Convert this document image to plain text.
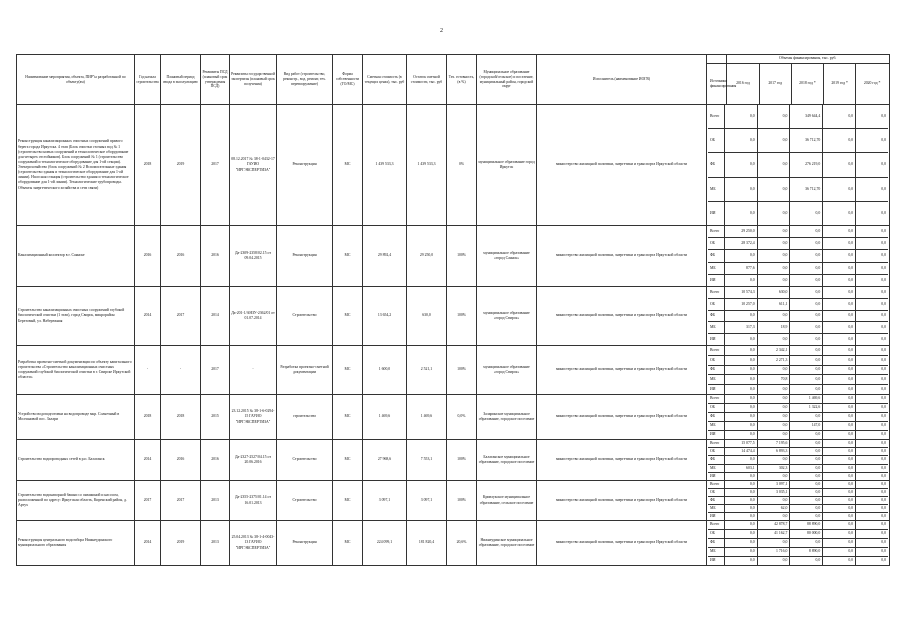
2
Наименование мероприятия, объекта, ПИР"ы разработанной по объекту(ам)	Год начала строительства	Плановый период ввода в эксплуатацию	Реквизиты ПСД (плановый срок утверждения ПСД)	Реквизиты государственной экспертизы (плановый срок получения)	Вид работ (строительство, реконстр., вод. ремонт, тех. перевооружение)	Форма собственности (ГО/МС)	Сметная стоимость (в текущих ценах), тыс. руб	Остаток сметной стоимости, тыс. руб	Тех. готовность, (в %)	Муниципальное образование (городской/сельское) и поселение, муниципальный район, городской округ	Исполнитель (наименование ИОГВ)	
	Объемы финансирования, тыс. руб.

Источники финансирования	2016 год	2017 год	2018 год *	2019 год *	2020 год *

Реконструкция канализационных очистных сооружений правого берега города Иркутска. 4 этап (Блок очистки сточных вод № 1 (строительство новых сооружений и технологическое оборудование для четырех отстойников). Блок сооружений № 1 (строительство сооружений и технологическое оборудование для 1-ой секции). Электрохозяйство (блок сооружений № 2 Вспомогательные здания (строительство здания и технологическое оборудование для 1-ой линии). Насосная станция (строительство здания и технологическое оборудование для 1-ой линии). Технологические трубопроводы. Объекты энергетического хозяйства и сети связи)	2018	2019	2017	08.12.2017 № 38-1-0432-17 ГАУИО "ИРГЭКСПЕРТИЗА"	Реконструкция	МС	1 439 533,3	1 439 533,3	0%	муниципальное образование город Иркутск	министерство жилищной политики, энергетики и транспорта Иркутской области	
Всего	0,0	0,0	349 644,4	0,0	0,0
ОБ	0,0	0,0	36 712,70	0,0	0,0
ФБ	0,0	0,0	276 219,0	0,0	0,0
МБ	0,0	0,0	36 712,70	0,0	0,0
ИИ	0,0	0,0	0,0	0,0	0,0

Канализационный коллектор в г. Саянске	2016	2016	2016	Да-2309-2358/02.15 от 09.04.2015	Реконструкция	МС	29 892,4	29 250,0	100%	муниципальное образование «город Саянск»	министерство жилищной политики, энергетики и транспорта Иркутской области	
Всего	29 250,0	0,0	0,0	0,0	0,0
ОБ	28 372,4	0,0	0,0	0,0	0,0
ФБ	0,0	0,0	0,0	0,0	0,0
МБ	877,6	0,0	0,0	0,0	0,0
ИИ	0,0	0,0	0,0	0,0	0,0

Строительство канализационных очистных сооружений глубокой биологической очистки (1 этап), город Свирск, микрорайон Березовый, ул. Набережная	2014	2017	2014	Да-201-1/АНЗУ-2362/01 от 01.07.2014	Строительство	МС	13 654,2	630,0	100%	муниципальное образование «город Свирск»	министерство жилищной политики, энергетики и транспорта Иркутской области	
Всего	10 574,3	630,0	0,0	0,0	0,0
ОБ	10 257,0	611,1	0,0	0,0	0,0
ФБ	0,0	0,0	0,0	0,0	0,0
МБ	317,3	18,9	0,0	0,0	0,0
ИИ	0,0	0,0	0,0	0,0	0,0

Разработка проектно-сметной документации по объекту капитального строительства «Строительство канализационных очистных сооружений глубокой биологической очистки в г. Свирске Иркутской области»	-	-	2017	-	Разработка проектно-сметной документации	МС	1 600,0	2 521,1	100%	муниципальное образование «город Свирск»	министерство жилищной политики, энергетики и транспорта Иркутской области	
Всего	0,0	2 342,1	0,0	0,0	0,0
ОБ	0,0	2 271,3	0,0	0,0	0,0
ФБ	0,0	0,0	0,0	0,0	0,0
МБ	0,0	70,8	0,0	0,0	0,0
ИИ	0,0	0,0	0,0	0,0	0,0

Устройство водоподготовки на водопроводе мкр. Солнечный в Молчановой пос. Залари	2018	2018	2015	23.12.2015 № 38-1-6-0294-15 ГАУИО "ИРГЭКСПЕРТИЗА"	строительство	МС	1 469,6	1 469,6	0,0%	Заларинское муниципальное образование, городское поселение	министерство жилищной политики, энергетики и транспорта Иркутской области	
Всего	0,0	0,0	1 469,6	0,0	0,0
ОБ	0,0	0,0	1 322,6	0,0	0,0
ФБ	0,0	0,0	0,0	0,0	0,0
МБ	0,0	0,0	147,0	0,0	0,0
ИИ	0,0	0,0	0,0	0,0	0,0

Строительство водопроводных сетей в р.п. Балаганск	2014	2016	2016	Да-2327-2527/04.15 от 20.06.2016	Строительство	МС	27 968,6	7 553,1	100%	Балаганское муниципальное образование, городское поселение	министерство жилищной политики, энергетики и транспорта Иркутской области	
Всего	15 077,5	7 195,6	0,0	0,0	0,0
ОБ	14 474,4	6 893,3	0,0	0,0	0,0
ФБ	0,0	0,0	0,0	0,0	0,0
МБ	603,1	302,3	0,0	0,0	0,0
ИИ	0,0	0,0	0,0	0,0	0,0

Строительство водонапорной башни со скважиной и насосом, расположенной по адресу: Иркутская область, Киренский район, д. Артух	2017	2017	2013	Да-2355-2375/01.14 от 16.01.2013	Строительство	МС	3 097,1	3 097,1	100%	Кривлукское муниципальное образование, сельское поселение	министерство жилищной политики, энергетики и транспорта Иркутской области	
Всего	0,0	3 097,1	0,0	0,0	0,0
ОБ	0,0	3 035,1	0,0	0,0	0,0
ФБ	0,0	0,0	0,0	0,0	0,0
МБ	0,0	62,0	0,0	0,0	0,0
ИИ	0,0	0,0	0,0	0,0	0,0

Реконструкция центрального водозабора Нижнеудинского муниципального образования	2014	2019	2013	25.04.2013 № 38-1-4-0043-13 ГАУИО "ИРГЭКСПЕРТИЗА"	Реконструкция	МС	224 099,1	181 820,4	20,6%	Нижнеудинское муниципальное образование, городское поселение	министерство жилищной политики, энергетики и транспорта Иркутской области	
Всего	0,0	42 878,7	88 890,0	0,0	0,0
ОБ	0,0	41 162,7	80 000,0	0,0	0,0
ФБ	0,0	0,0	0,0	0,0	0,0
МБ	0,0	1 716,0	8 890,0	0,0	0,0
ИИ	0,0	0,0	0,0	0,0	0,0
